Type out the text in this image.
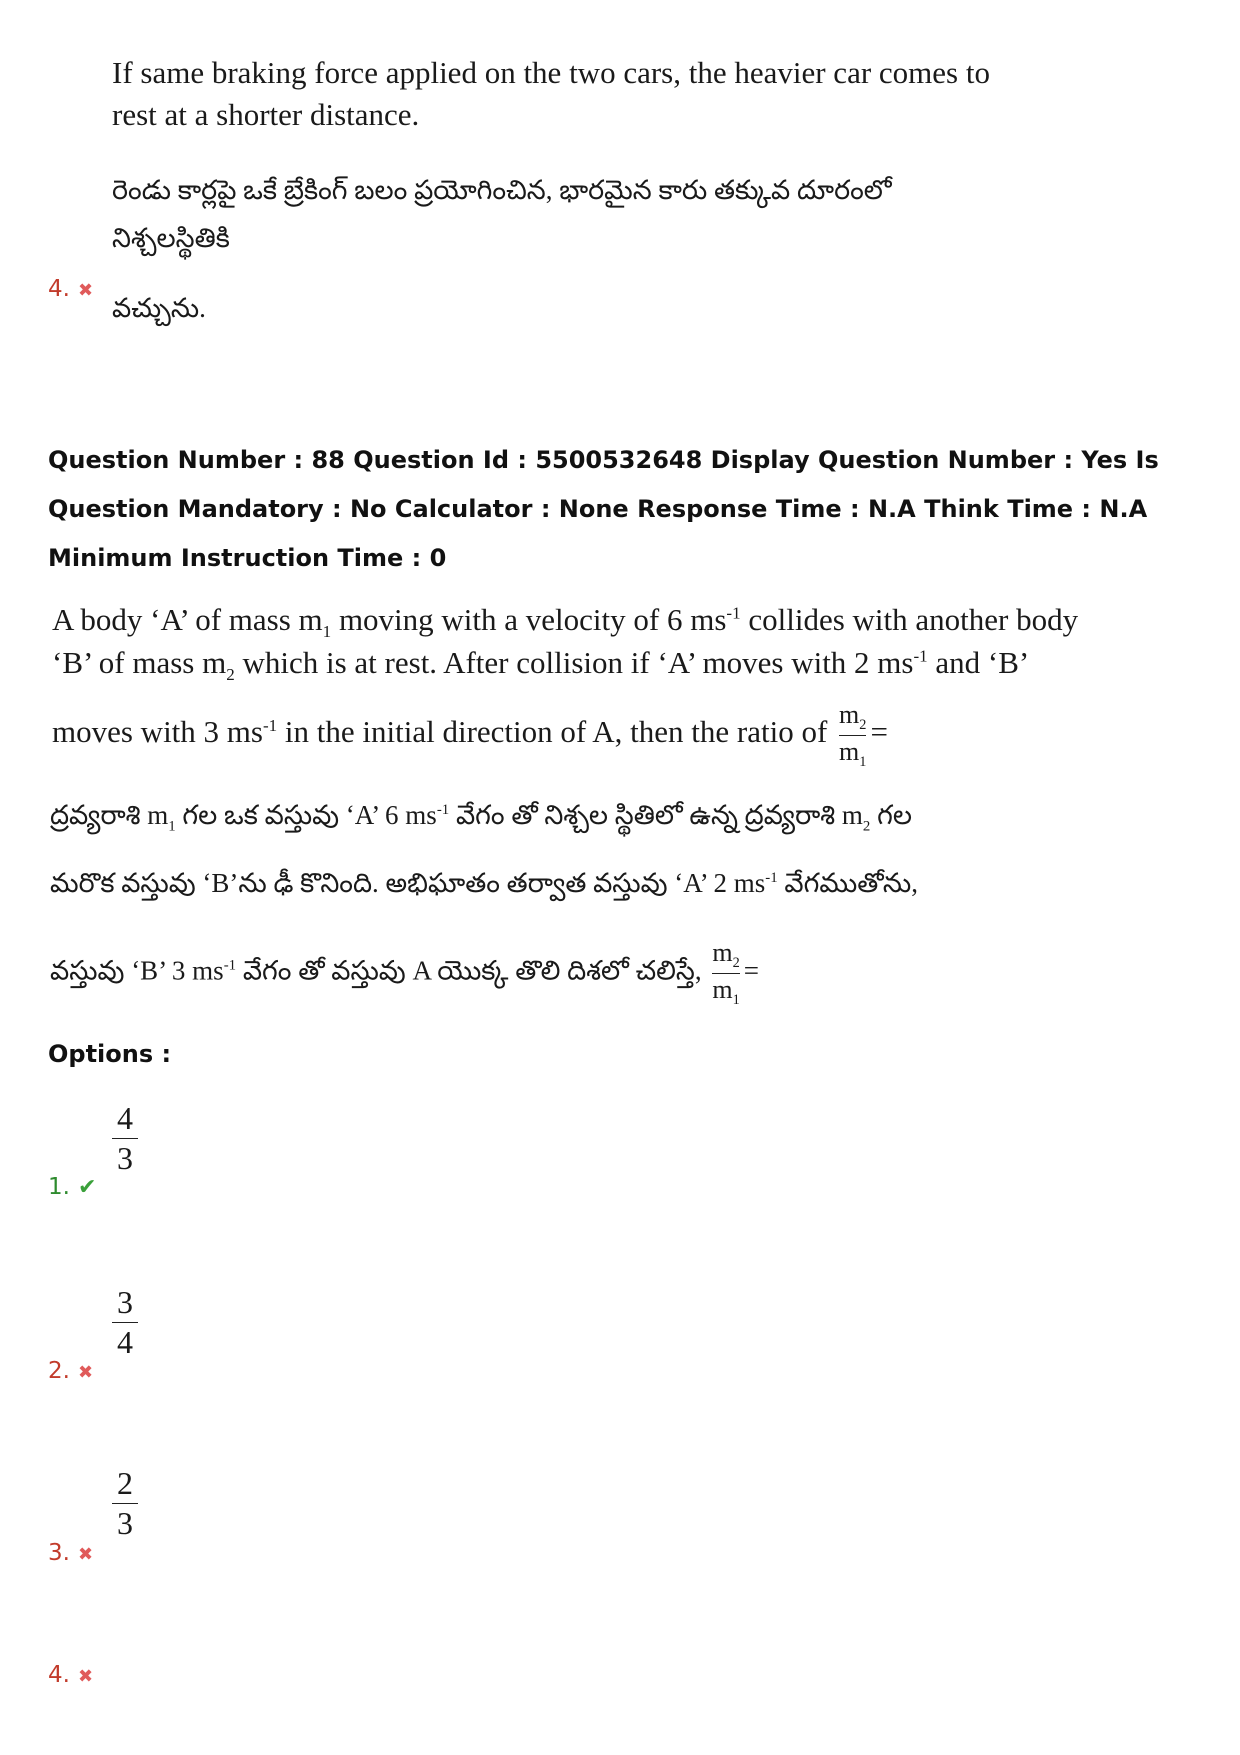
If same braking force applied on the two cars, the heavier car comes to rest at a shorter distance.
రెండు కార్లపై ఒకే బ్రేకింగ్ బలం ప్రయోగించిన, భారమైన కారు తక్కువ దూరంలో నిశ్చలస్థితికి
వచ్చును.
4. ✖
Question Number : 88 Question Id : 5500532648 Display Question Number : Yes Is Question Mandatory : No Calculator : None Response Time : N.A Think Time : N.A Minimum Instruction Time : 0
A body ‘A’ of mass $m_1$ moving with a velocity of 6 $ms^{-1}$ collides with another body
‘B’ of mass $m_2$ which is at rest. After collision if ‘A’ moves with 2 $ms^{-1}$ and ‘B’
moves with 3 $ms^{-1}$ in the initial direction of A, then the ratio of $\frac{m_2}{m_1}$ =
ద్రవ్యరాశి $m_1$ గల ఒక వస్తువు ‘A’ 6 $ms^{-1}$ వేగం తో నిశ్చల స్థితిలో ఉన్న ద్రవ్యరాశి $m_2$ గల
మరొక వస్తువు ‘B’ను ఢీ కొనింది. అభిఘాతం తర్వాత వస్తువు ‘A’ 2 $ms^{-1}$ వేగముతోను,
వస్తువు ‘B’ 3 $ms^{-1}$ వేగం తో వస్తువు A యొక్క తొలి దిశలో చలిస్తే, $\frac{m_2}{m_1}$ =
Options :
$\frac{4}{3}$
1. ✔
$\frac{3}{4}$
2. ✖
$\frac{2}{3}$
3. ✖
4. ✖
